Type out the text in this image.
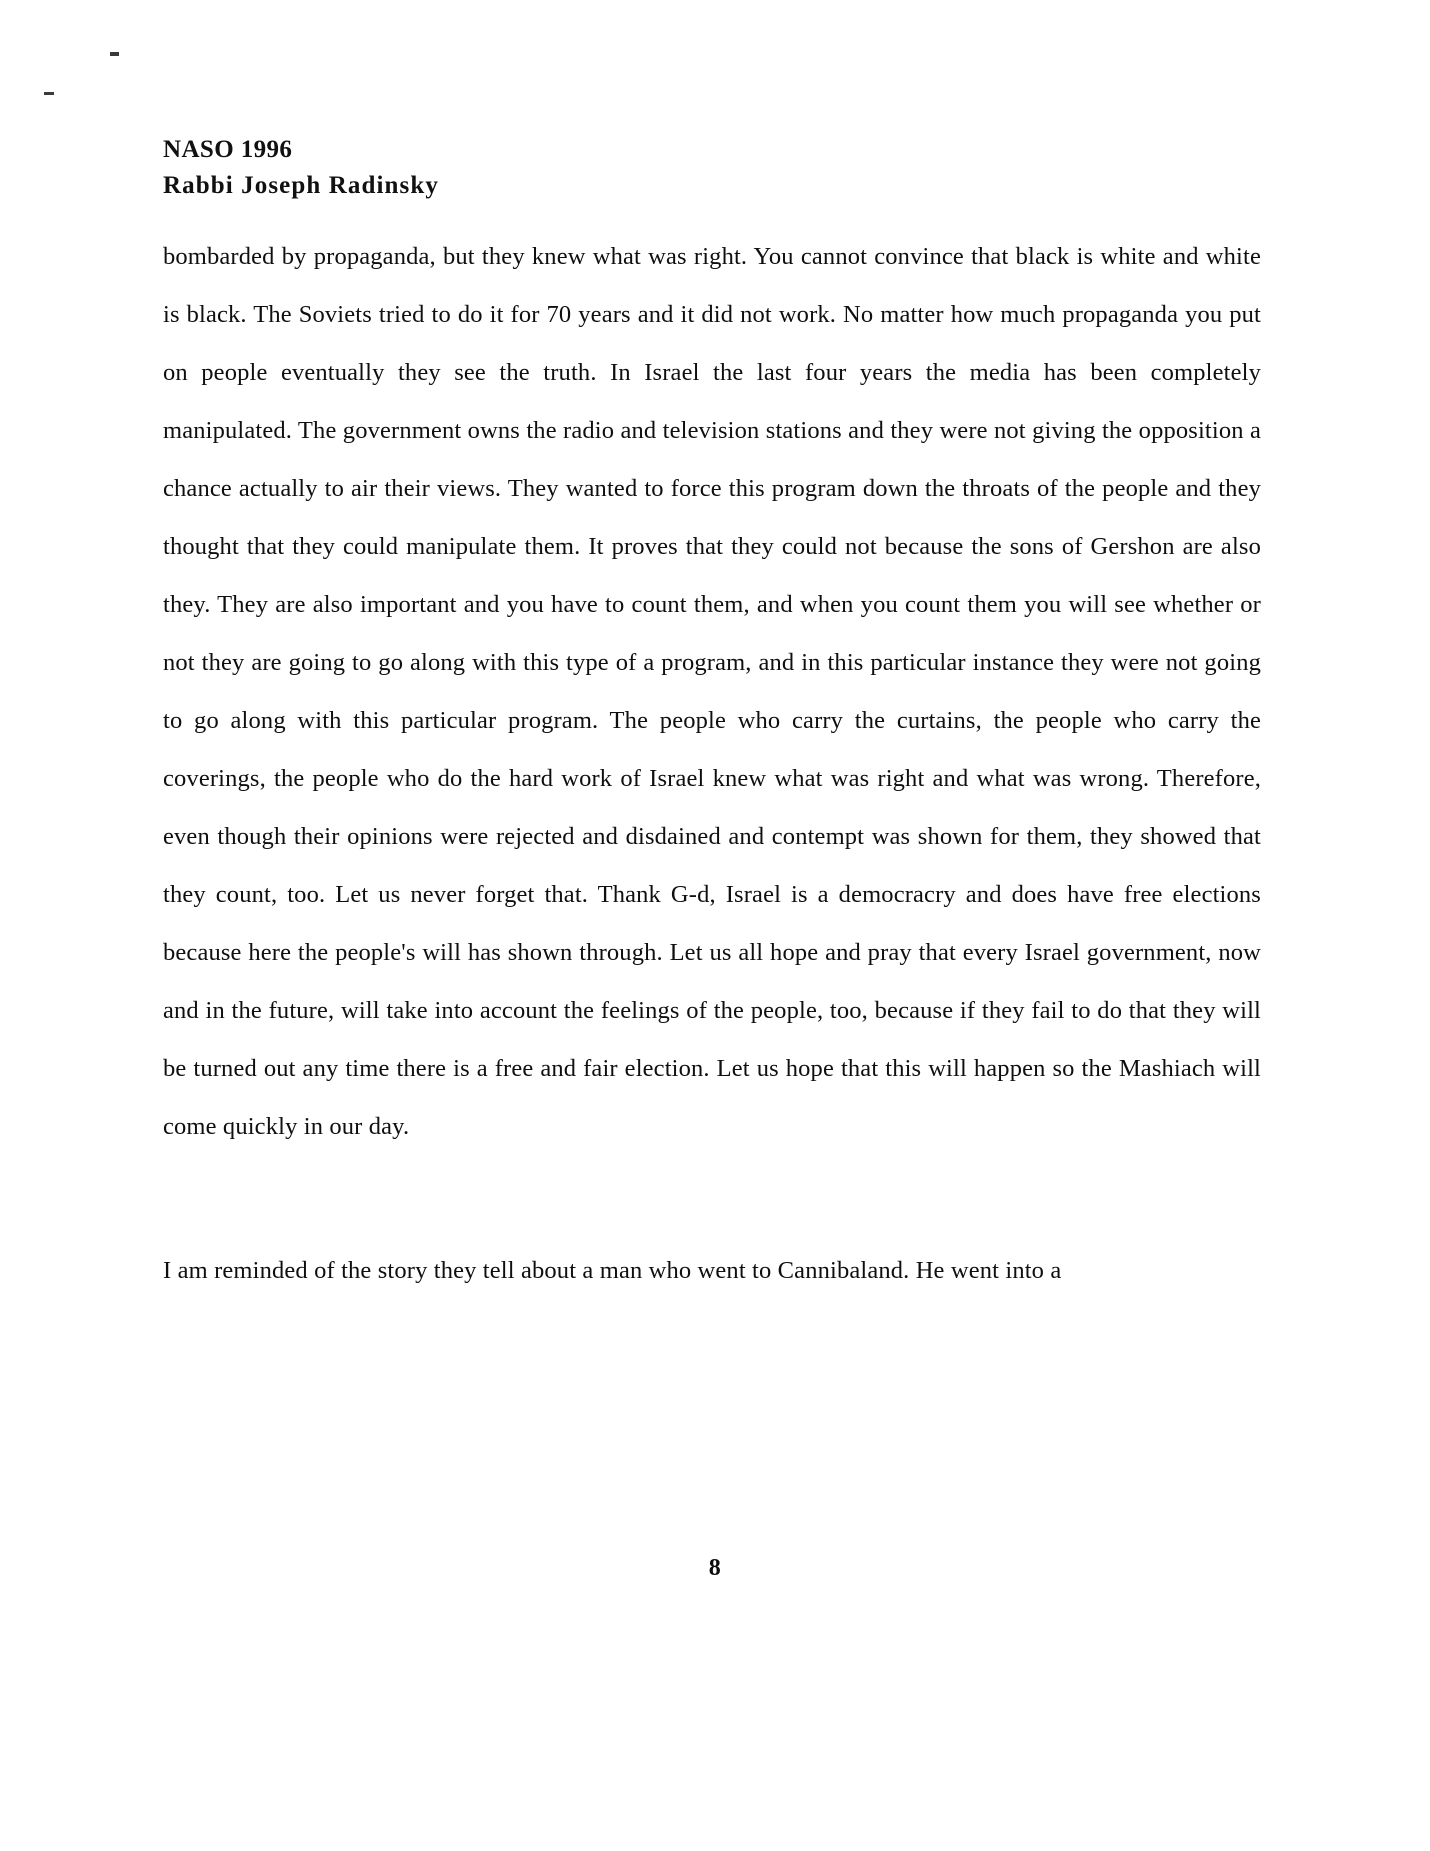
NASO 1996
Rabbi Joseph Radinsky

bombarded by propaganda, but they knew what was right. You cannot convince that black is white and white is black. The Soviets tried to do it for 70 years and it did not work. No matter how much propaganda you put on people eventually they see the truth. In Israel the last four years the media has been completely manipulated. The government owns the radio and television stations and they were not giving the opposition a chance actually to air their views. They wanted to force this program down the throats of the people and they thought that they could manipulate them. It proves that they could not because the sons of Gershon are also they. They are also important and you have to count them, and when you count them you will see whether or not they are going to go along with this type of a program, and in this particular instance they were not going to go along with this particular program. The people who carry the curtains, the people who carry the coverings, the people who do the hard work of Israel knew what was right and what was wrong. Therefore, even though their opinions were rejected and disdained and contempt was shown for them, they showed that they count, too. Let us never forget that. Thank G-d, Israel is a democracry and does have free elections because here the people's will has shown through. Let us all hope and pray that every Israel government, now and in the future, will take into account the feelings of the people, too, because if they fail to do that they will be turned out any time there is a free and fair election. Let us hope that this will happen so the Mashiach will come quickly in our day.

I am reminded of the story they tell about a man who went to Cannibaland. He went into a

8
